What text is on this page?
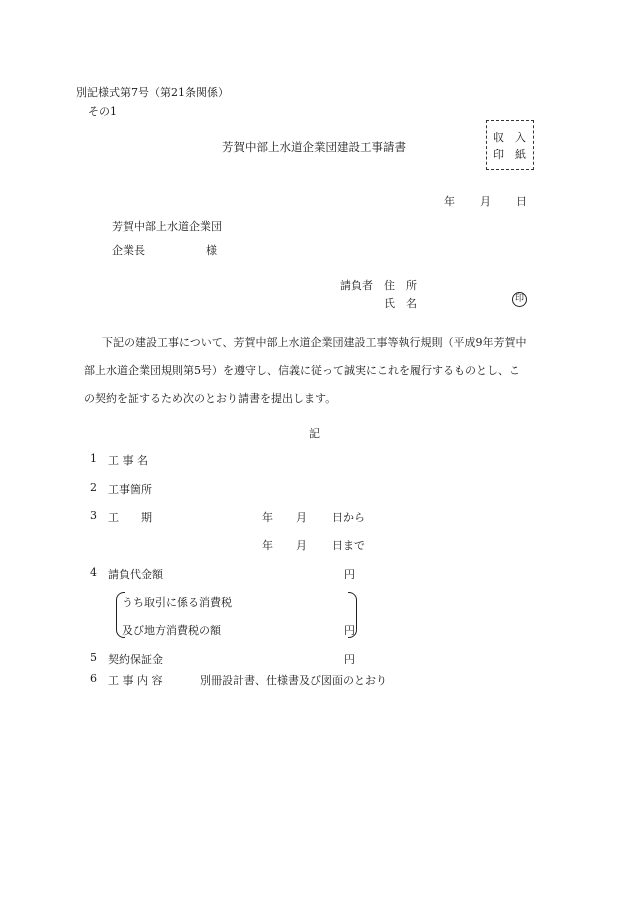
別記様式第7号（第21条関係）
その1
芳賀中部上水道企業団建設工事請書
収　入
印　紙
年 月 日
芳賀中部上水道企業団
企業長	様
請負者 住　所
氏　名	印
下記の建設工事について、芳賀中部上水道企業団建設工事等執行規則（平成9年芳賀中
部上水道企業団規則第5号）を遵守し、信義に従って誠実にこれを履行するものとし、こ
の契約を証するため次のとおり請書を提出します。
記
1 工 事 名
2 工事箇所
3 工　　期	年 月 日から
年 月 日まで
4 請負代金額	円
うち取引に係る消費税
及び地方消費税の額	円
5 契約保証金	円
6 工 事 内 容	別冊設計書、仕様書及び図面のとおり
